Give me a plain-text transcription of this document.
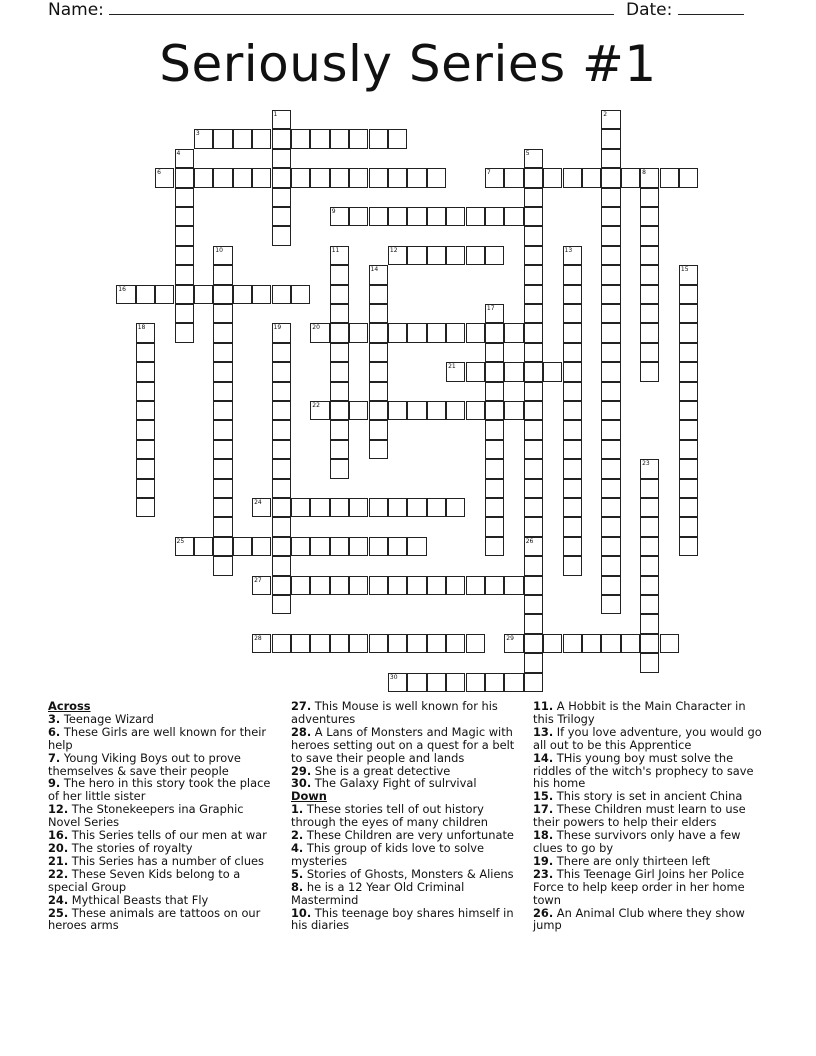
Name:	Date:
Seriously Series #1
1	2
3
4	5
26
6	7	8
9
10	11	12	13
14	15
16
17
18	19	20
21
22
23
24
25
27
28	29
30
Across
3. Teenage Wizard
6. These Girls are well known for their help
7. Young Viking Boys out to prove themselves & save their people
9. The hero in this story took the place of her little sister
12. The Stonekeepers ina Graphic Novel Series
16. This Series tells of our men at war
20. The stories of royalty
21. This Series has a number of clues
22. These Seven Kids belong to a special Group
24. Mythical Beasts that Fly
25. These animals are tattoos on our heroes arms
27. This Mouse is well known for his adventures
28. A Lans of Monsters and Magic with heroes setting out on a quest for a belt to save their people and lands
29. She is a great detective
30. The Galaxy Fight of sulrvival
Down
1. These stories tell of out history through the eyes of many children
2. These Children are very unfortunate
4. This group of kids love to solve mysteries
5. Stories of Ghosts, Monsters & Aliens
8. he is a 12 Year Old Criminal Mastermind
10. This teenage boy shares himself in his diaries
11. A Hobbit is the Main Character in this Trilogy
13. If you love adventure, you would go all out to be this Apprentice
14. THis young boy must solve the riddles of the witch's prophecy to save his home
15. This story is set in ancient China
17. These Children must learn to use their powers to help their elders
18. These survivors only have a few clues to go by
19. There are only thirteen left
23. This Teenage Girl Joins her Police Force to help keep order in her home town
26. An Animal Club where they show jump
